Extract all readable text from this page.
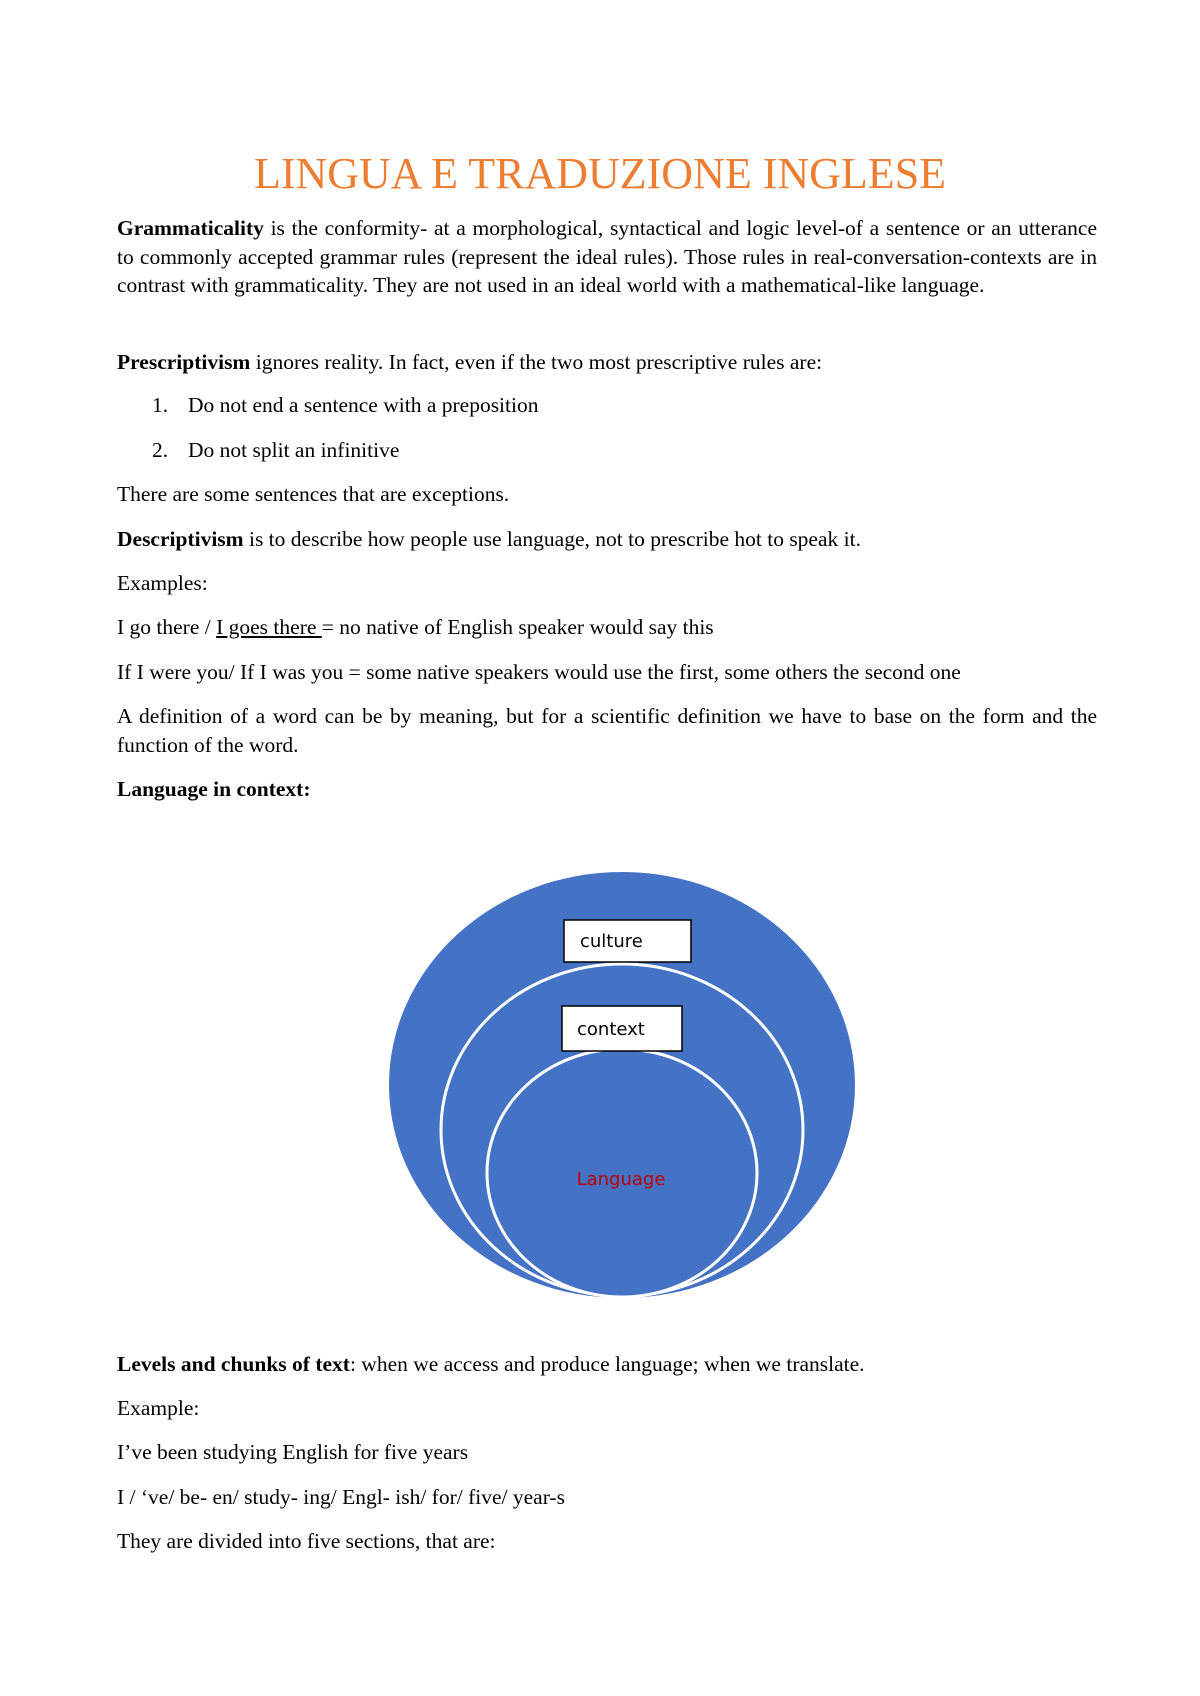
LINGUA E TRADUZIONE INGLESE

Grammaticality is the conformity- at a morphological, syntactical and logic level-of a sentence or an utterance to commonly accepted grammar rules (represent the ideal rules). Those rules in real-conversation-contexts are in contrast with grammaticality. They are not used in an ideal world with a mathematical-like language.

Prescriptivism ignores reality. In fact, even if the two most prescriptive rules are:

1. Do not end a sentence with a preposition

2. Do not split an infinitive

There are some sentences that are exceptions.

Descriptivism is to describe how people use language, not to prescribe hot to speak it.

Examples:

I go there / I goes there = no native of English speaker would say this

If I were you/ If I was you = some native speakers would use the first, some others the second one

A definition of a word can be by meaning, but for a scientific definition we have to base on the form and the function of the word.

Language in context:

culture
context
Language

Levels and chunks of text: when we access and produce language; when we translate.

Example:

I’ve been studying English for five years

I / ‘ve/ be- en/ study- ing/ Engl- ish/ for/ five/ year-s

They are divided into five sections, that are:
